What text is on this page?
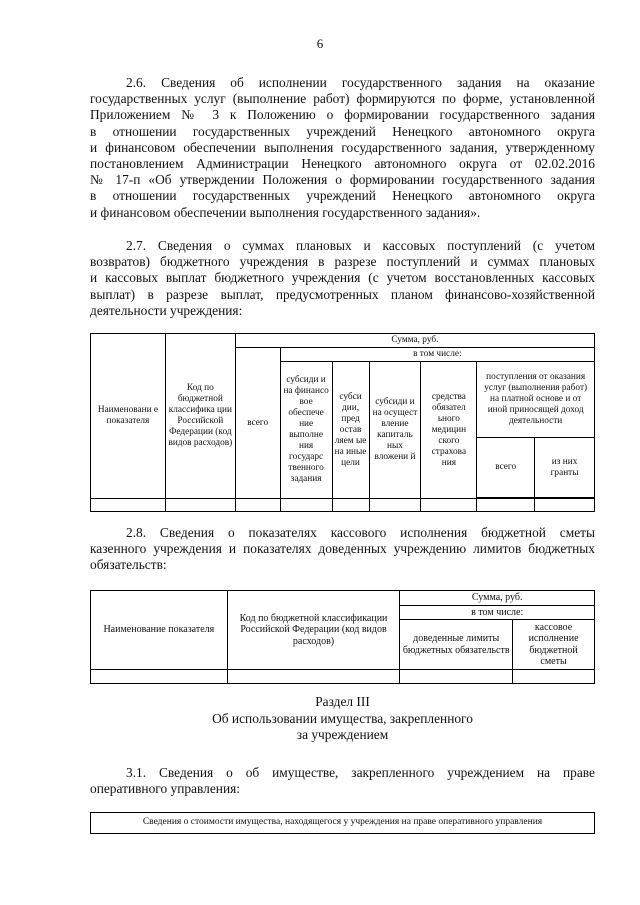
6

2.6. Сведения об исполнении государственного задания на оказание

государственных услуг (выполнение работ) формируются по форме, установленной

Приложением № 3 к Положению о формировании государственного задания

в отношении государственных учреждений Ненецкого автономного округа

и финансовом обеспечении выполнения государственного задания, утвержденному

постановлением Администрации Ненецкого автономного округа от 02.02.2016

№ 17-п «Об утверждении Положения о формировании государственного задания

в отношении государственных учреждений Ненецкого автономного округа

и финансовом обеспечении выполнения государственного задания».

2.7. Сведения о суммах плановых и кассовых поступлений (с учетом

возвратов) бюджетного учреждения в разрезе поступлений и суммах плановых

и кассовых выплат бюджетного учреждения (с учетом восстановленных кассовых

выплат) в разрезе выплат, предусмотренных планом финансово-хозяйственной

деятельности учреждения:

Наименовани е показателя	Код по бюджетной классифика ции Российской Федерации (код видов расходов)	Сумма, руб.						
		всего	в том числе:					
			субсиди и на финансо вое обеспече ние выполне ния государс твенного задания	субси дии, пред остав ляем ые на иные цели	субсиди и на осущест вление капиталь ных вложени й	средства обязател ьного медицин ского страхова ния	поступления от оказания услуг (выполнения работ) на платной основе и от иной приносящей доход деятельности	
							всего	из них гранты

2.8. Сведения о показателях кассового исполнения бюджетной сметы

казенного учреждения и показателях доведенных учреждению лимитов бюджетных

обязательств:

Наименование показателя	Код по бюджетной классификации Российской Федерации (код видов расходов)	Сумма, руб.	
		в том числе:	
		доведенные лимиты бюджетных обязательств	кассовое исполнение бюджетной сметы

Раздел III
Об использовании имущества, закрепленного
за учреждением

3.1. Сведения о об имуществе, закрепленного учреждением на праве

оперативного управления:

Сведения о стоимости имущества, находящегося у учреждения на праве оперативного управления
